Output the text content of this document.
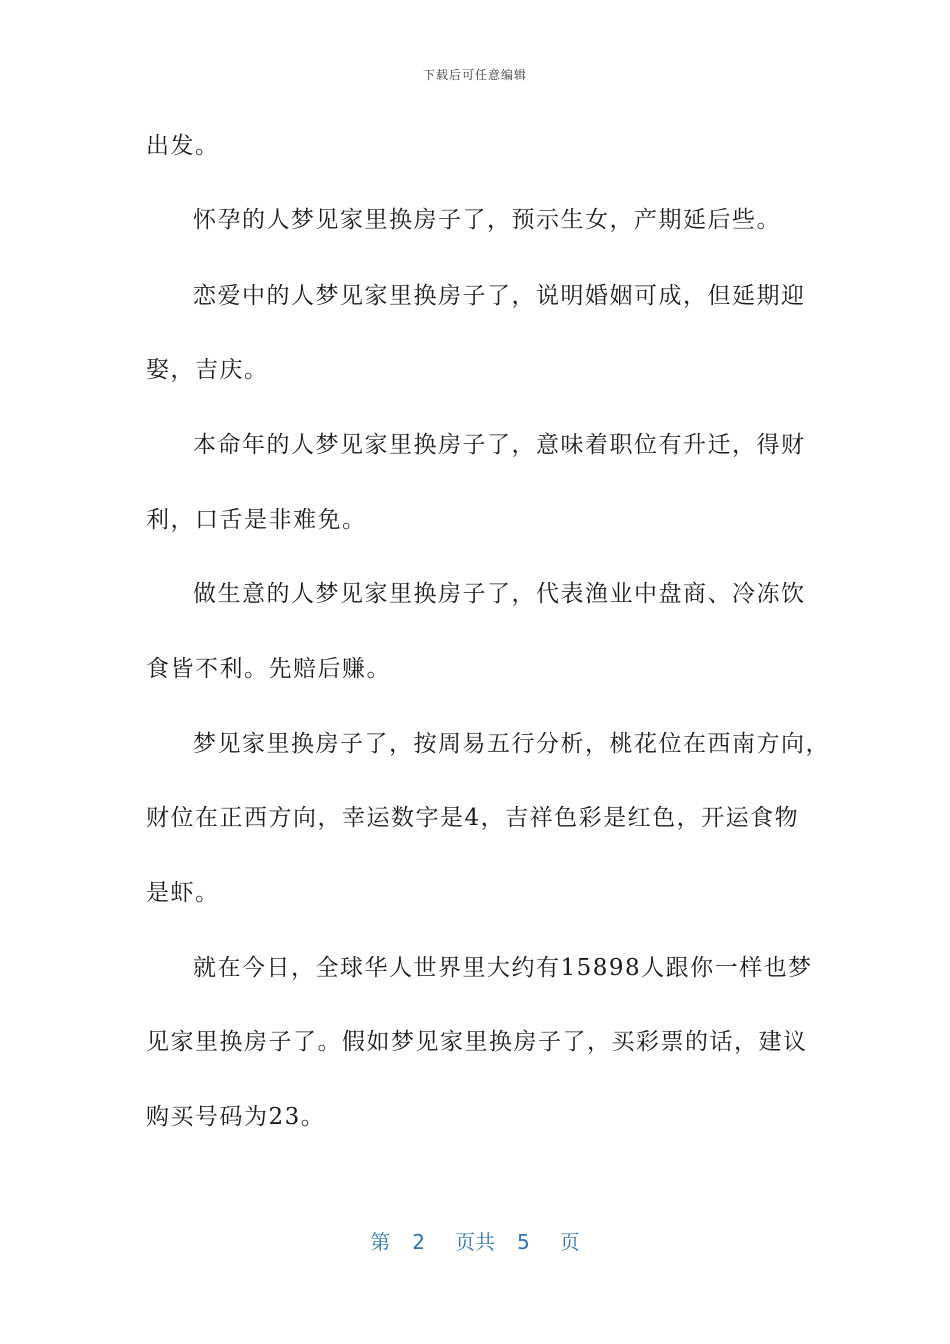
下载后可任意编辑
出发。
怀孕的人梦见家里换房子了，预示生女，产期延后些。
恋爱中的人梦见家里换房子了，说明婚姻可成，但延期迎
娶，吉庆。
本命年的人梦见家里换房子了，意味着职位有升迁，得财
利，口舌是非难免。
做生意的人梦见家里换房子了，代表渔业中盘商、冷冻饮
食皆不利。先赔后赚。
梦见家里换房子了，按周易五行分析，桃花位在西南方向，
财位在正西方向，幸运数字是4，吉祥色彩是红色，开运食物
是虾。
就在今日，全球华人世界里大约有15898人跟你一样也梦
见家里换房子了。假如梦见家里换房子了，买彩票的话，建议
购买号码为23。
第 2 页共 5 页
